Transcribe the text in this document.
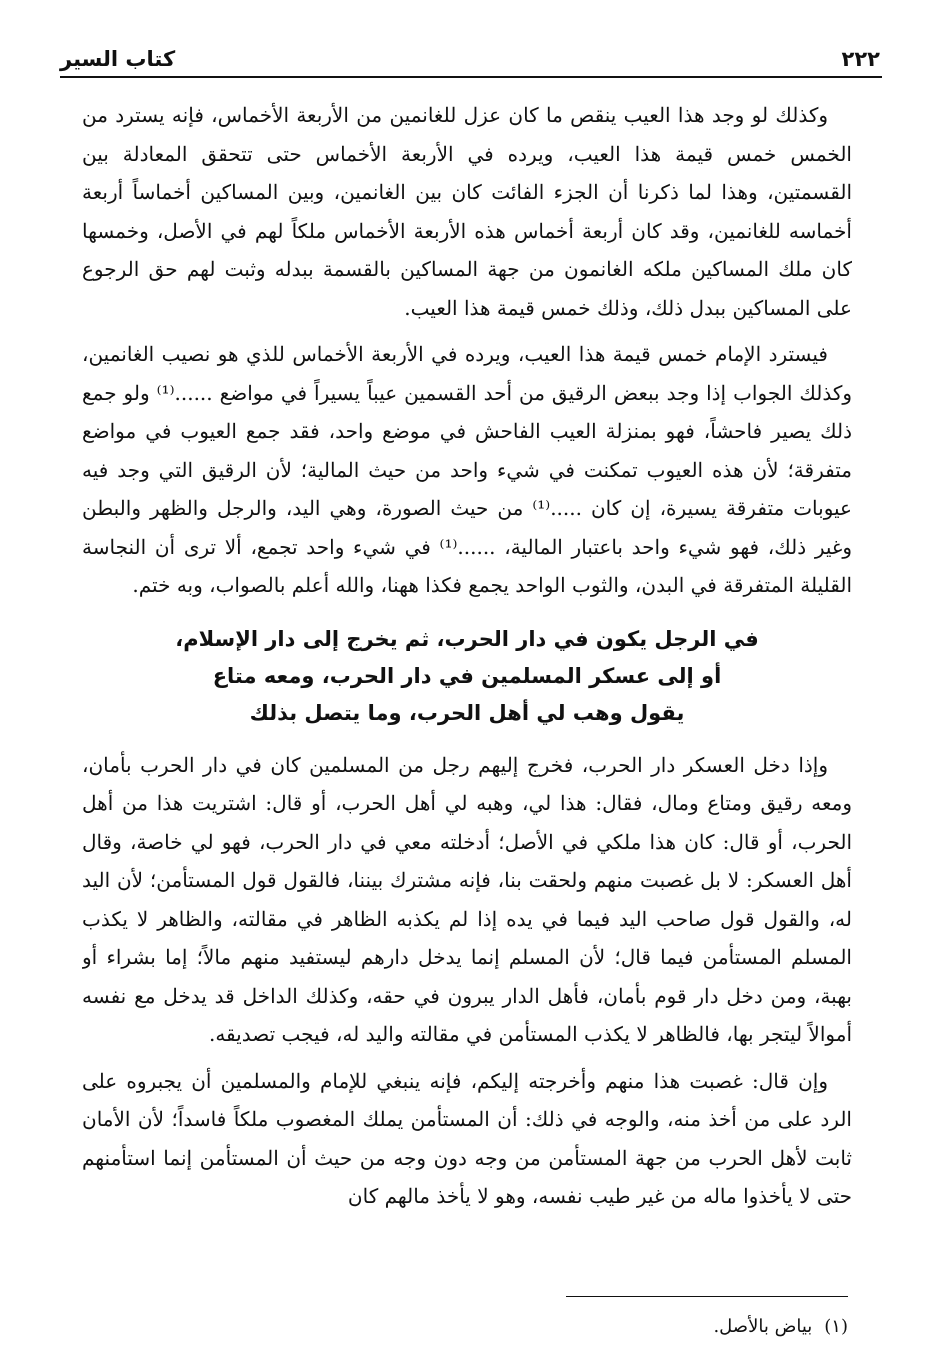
٢٢٢
كتاب السير

وكذلك لو وجد هذا العيب ينقص ما كان عزل للغانمين من الأربعة الأخماس، فإنه يسترد من الخمس خمس قيمة هذا العيب، ويرده في الأربعة الأخماس حتى تتحقق المعادلة بين القسمتين، وهذا لما ذكرنا أن الجزء الفائت كان بين الغانمين، وبين المساكين أخماساً أربعة أخماسه للغانمين، وقد كان أربعة أخماس هذه الأربعة الأخماس ملكاً لهم في الأصل، وخمسها كان ملك المساكين ملكه الغانمون من جهة المساكين بالقسمة ببدله وثبت لهم حق الرجوع على المساكين ببدل ذلك، وذلك خمس قيمة هذا العيب.

فيسترد الإمام خمس قيمة هذا العيب، ويرده في الأربعة الأخماس للذي هو نصيب الغانمين، وكذلك الجواب إذا وجد ببعض الرقيق من أحد القسمين عيباً يسيراً في مواضع ......⁽¹⁾ ولو جمع ذلك يصير فاحشاً، فهو بمنزلة العيب الفاحش في موضع واحد، فقد جمع العيوب في مواضع متفرقة؛ لأن هذه العيوب تمكنت في شيء واحد من حيث المالية؛ لأن الرقيق التي وجد فيه عيوبات متفرقة يسيرة، إن كان .....⁽¹⁾ من حيث الصورة، وهي اليد، والرجل والظهر والبطن وغير ذلك، فهو شيء واحد باعتبار المالية، ......⁽¹⁾ في شيء واحد تجمع، ألا ترى أن النجاسة القليلة المتفرقة في البدن، والثوب الواحد يجمع فكذا ههنا، والله أعلم بالصواب، وبه ختم.

في الرجل يكون في دار الحرب، ثم يخرج إلى دار الإسلام،
أو إلى عسكر المسلمين في دار الحرب، ومعه متاع
يقول وهب لي أهل الحرب، وما يتصل بذلك

وإذا دخل العسكر دار الحرب، فخرج إليهم رجل من المسلمين كان في دار الحرب بأمان، ومعه رقيق ومتاع ومال، فقال: هذا لي، وهبه لي أهل الحرب، أو قال: اشتريت هذا من أهل الحرب، أو قال: كان هذا ملكي في الأصل؛ أدخلته معي في دار الحرب، فهو لي خاصة، وقال أهل العسكر: لا بل غصبت منهم ولحقت بنا، فإنه مشترك بيننا، فالقول قول المستأمن؛ لأن اليد له، والقول قول صاحب اليد فيما في يده إذا لم يكذبه الظاهر في مقالته، والظاهر لا يكذب المسلم المستأمن فيما قال؛ لأن المسلم إنما يدخل دارهم ليستفيد منهم مالاً؛ إما بشراء أو بهبة، ومن دخل دار قوم بأمان، فأهل الدار يبرون في حقه، وكذلك الداخل قد يدخل مع نفسه أموالاً ليتجر بها، فالظاهر لا يكذب المستأمن في مقالته واليد له، فيجب تصديقه.

وإن قال: غصبت هذا منهم وأخرجته إليكم، فإنه ينبغي للإمام والمسلمين أن يجبروه على الرد على من أخذ منه، والوجه في ذلك: أن المستأمن يملك المغصوب ملكاً فاسداً؛ لأن الأمان ثابت لأهل الحرب من جهة المستأمن من وجه دون وجه من حيث أن المستأمن إنما استأمنهم حتى لا يأخذوا ماله من غير طيب نفسه، وهو لا يأخذ مالهم كان

(١)
بياض بالأصل.
